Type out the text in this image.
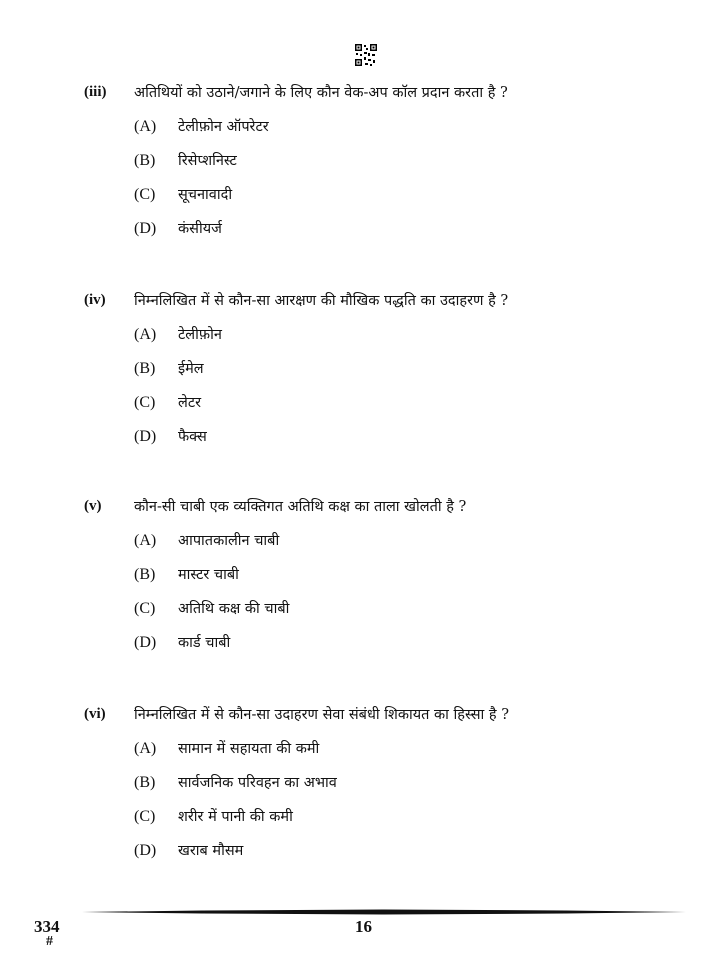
(iii) अतिथियों को उठाने/जगाने के लिए कौन वेक-अप कॉल प्रदान करता है ?
(A) टेलीफ़ोन ऑपरेटर
(B) रिसेप्शनिस्ट
(C) सूचनावादी
(D) कंसीयर्ज
(iv) निम्नलिखित में से कौन-सा आरक्षण की मौखिक पद्धति का उदाहरण है ?
(A) टेलीफ़ोन
(B) ईमेल
(C) लेटर
(D) फैक्स
(v) कौन-सी चाबी एक व्यक्तिगत अतिथि कक्ष का ताला खोलती है ?
(A) आपातकालीन चाबी
(B) मास्टर चाबी
(C) अतिथि कक्ष की चाबी
(D) कार्ड चाबी
(vi) निम्नलिखित में से कौन-सा उदाहरण सेवा संबंधी शिकायत का हिस्सा है ?
(A) सामान में सहायता की कमी
(B) सार्वजनिक परिवहन का अभाव
(C) शरीर में पानी की कमी
(D) खराब मौसम
334
#
16
